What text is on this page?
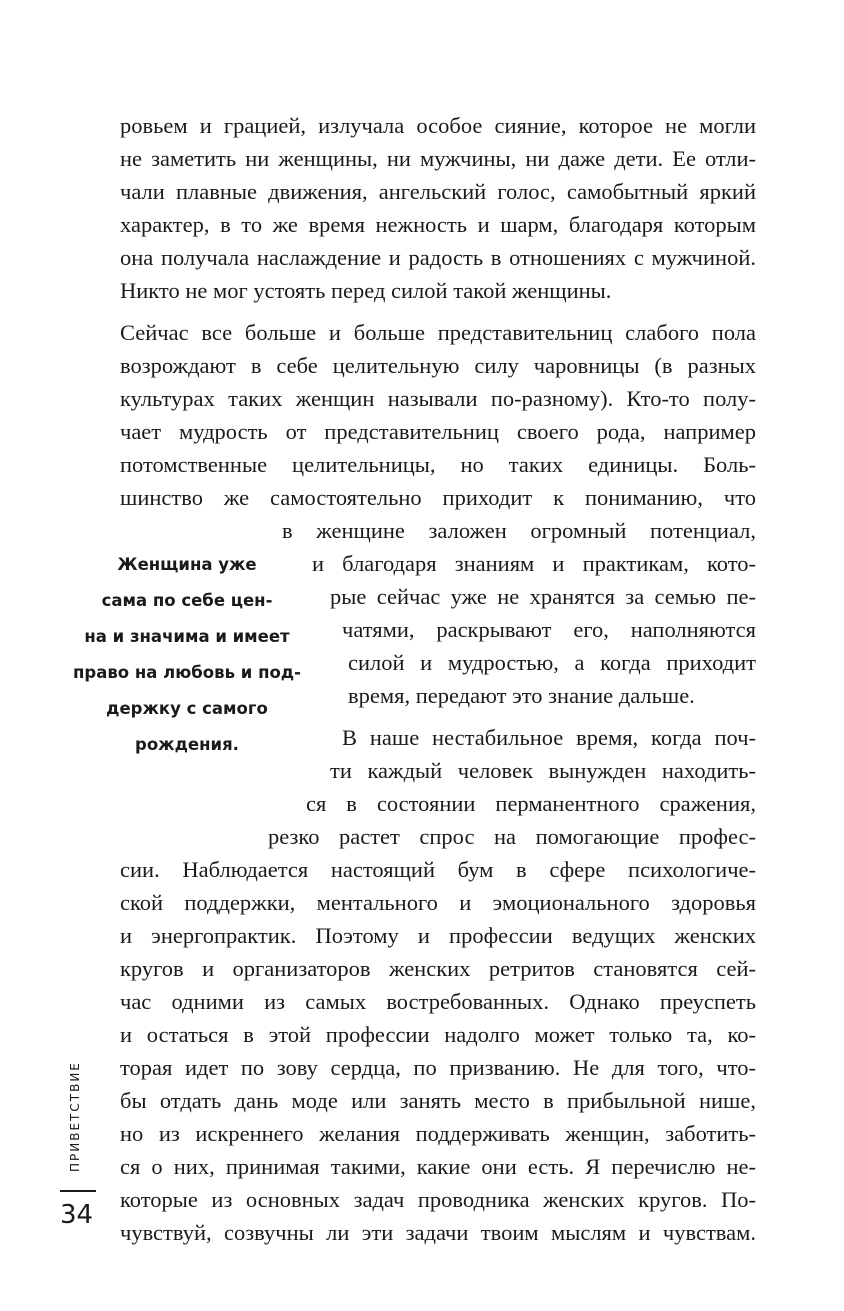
ровьем и грацией, излучала особое сияние, которое не могли
не заметить ни женщины, ни мужчины, ни даже дети. Ее отли-
чали плавные движения, ангельский голос, самобытный яркий
характер, в то же время нежность и шарм, благодаря которым
она получала наслаждение и радость в отношениях с мужчиной.
Никто не мог устоять перед силой такой женщины.
Сейчас все больше и больше представительниц слабого пола
возрождают в себе целительную силу чаровницы (в разных
культурах таких женщин называли по-разному). Кто-то полу-
чает мудрость от представительниц своего рода, например
потомственные целительницы, но таких единицы. Боль-
шинство же самостоятельно приходит к пониманию, что
в женщине заложен огромный потенциал,
и благодаря знаниям и практикам, кото-
рые сейчас уже не хранятся за семью пе-
чатями, раскрывают его, наполняются
силой и мудростью, а когда приходит
время, передают это знание дальше.
В наше нестабильное время, когда поч-
ти каждый человек вынужден находить-
ся в состоянии перманентного сражения,
резко растет спрос на помогающие профес-
сии. Наблюдается настоящий бум в сфере психологиче-
ской поддержки, ментального и эмоционального здоровья
и энергопрактик. Поэтому и профессии ведущих женских
кругов и организаторов женских ретритов становятся сей-
час одними из самых востребованных. Однако преуспеть
и остаться в этой профессии надолго может только та, ко-
торая идет по зову сердца, по призванию. Не для того, что-
бы отдать дань моде или занять место в прибыльной нише,
но из искреннего желания поддерживать женщин, заботить-
ся о них, принимая такими, какие они есть. Я перечислю не-
которые из основных задач проводника женских кругов. По-
чувствуй, созвучны ли эти задачи твоим мыслям и чувствам.
Женщина уже
сама по себе цен-
на и значима и имеет
право на любовь и под-
держку с самого
рождения.
ПРИВЕТСТВИЕ
34
